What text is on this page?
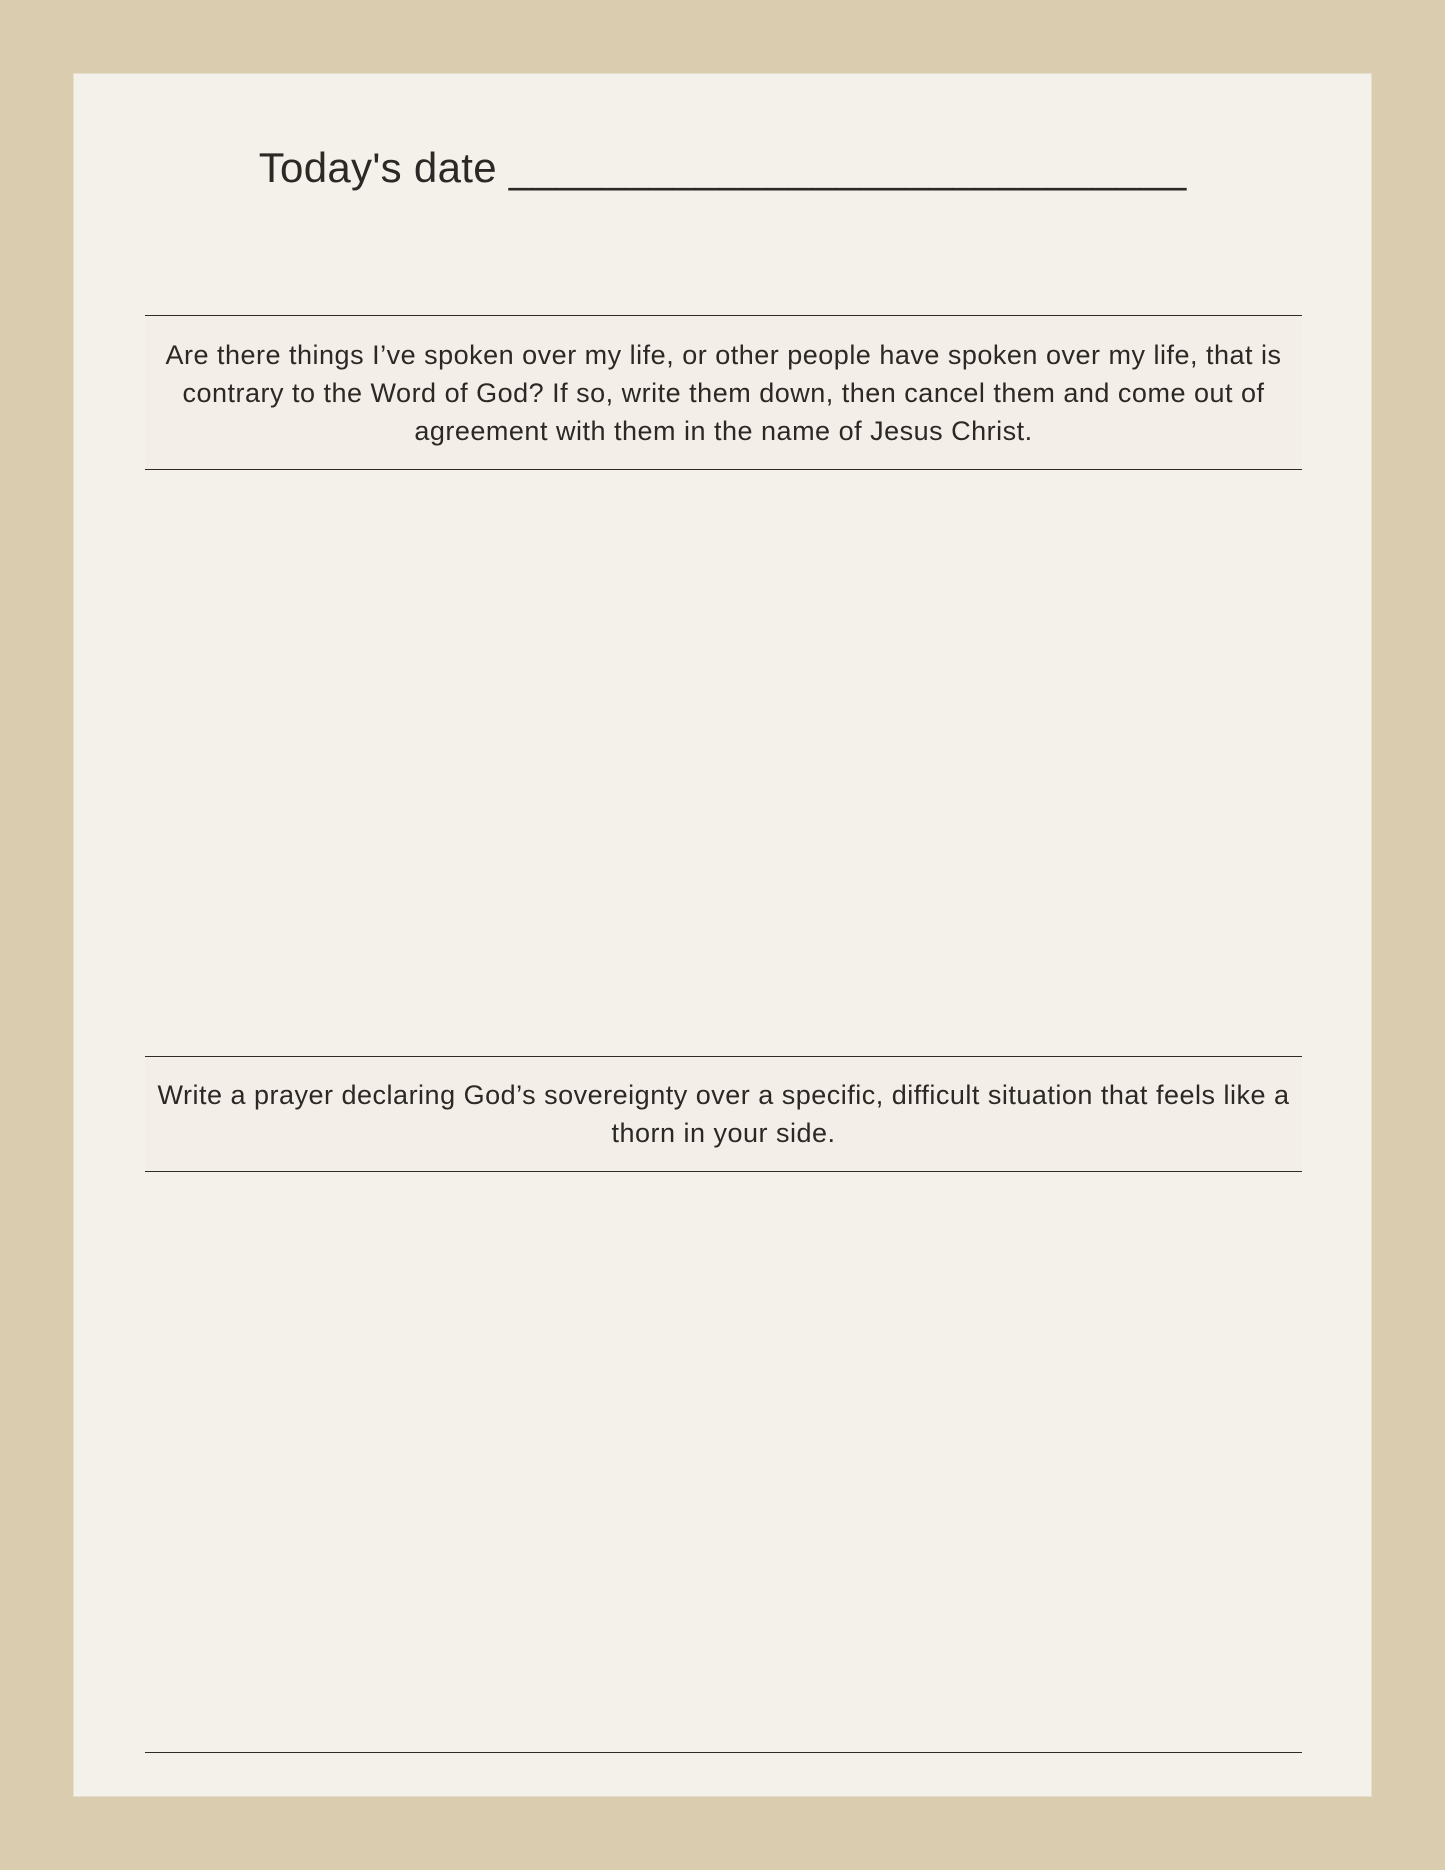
Today's date _____________________________
Are there things I’ve spoken over my life, or other people have spoken over my life, that is contrary to the Word of God? If so, write them down, then cancel them and come out of agreement with them in the name of Jesus Christ.
Write a prayer declaring God’s sovereignty over a specific, difficult situation that feels like a thorn in your side.
